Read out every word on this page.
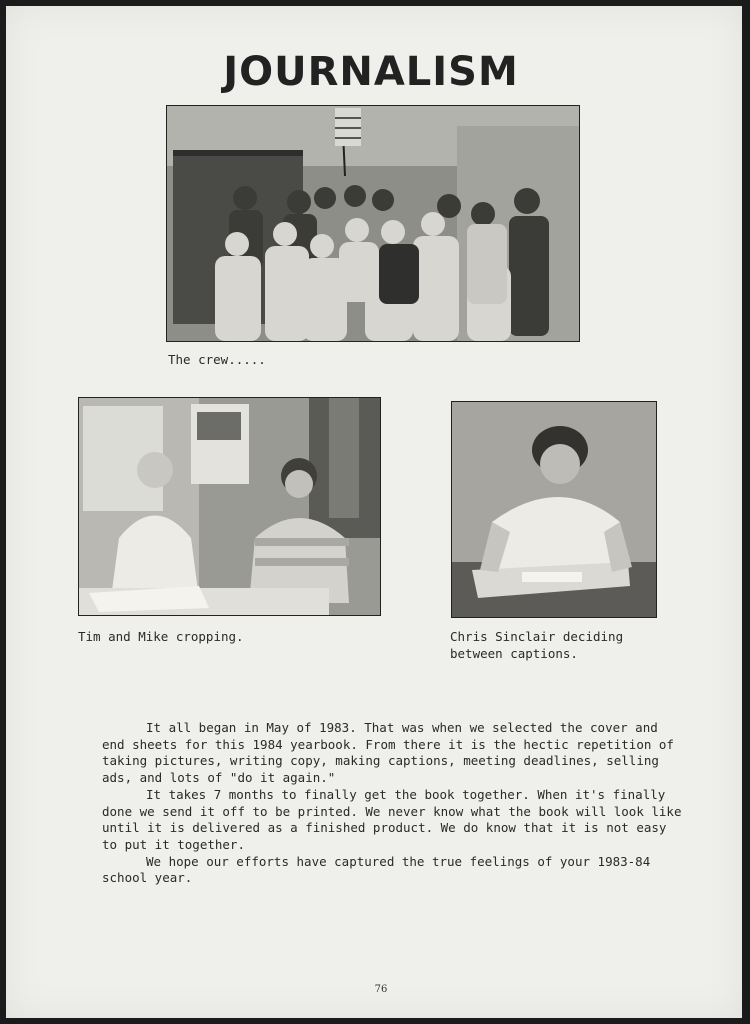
JOURNALISM
The crew.....
Tim and Mike cropping.	Chris Sinclair deciding
between captions.

It all began in May of 1983. That was when we selected the cover and end sheets for this 1984 yearbook. From there it is the hectic repetition of taking pictures, writing copy, making captions, meeting deadlines, selling ads, and lots of "do it again."

It takes 7 months to finally get the book together. When it's finally done we send it off to be printed. We never know what the book will look like until it is delivered as a finished product. We do know that it is not easy to put it together.

We hope our efforts have captured the true feelings of your 1983-84 school year.

76
